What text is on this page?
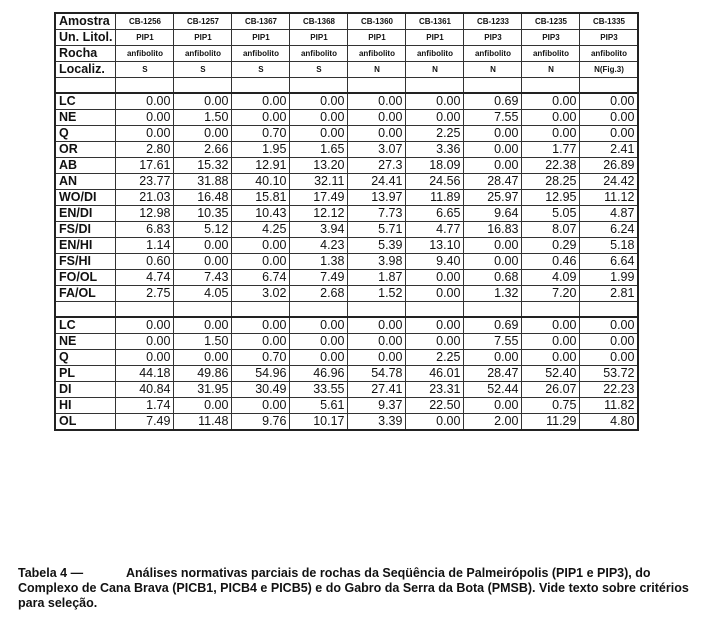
Amostra	CB-1256	CB-1257	CB-1367	CB-1368	CB-1360	CB-1361	CB-1233	CB-1235	CB-1335
Un. Litol.	PIP1	PIP1	PIP1	PIP1	PIP1	PIP1	PIP3	PIP3	PIP3
Rocha	anfibolito	anfibolito	anfibolito	anfibolito	anfibolito	anfibolito	anfibolito	anfibolito	anfibolito
Localiz.	S	S	S	S	N	N	N	N	N(Fig.3)

LC	0.00	0.00	0.00	0.00	0.00	0.00	0.69	0.00	0.00
NE	0.00	1.50	0.00	0.00	0.00	0.00	7.55	0.00	0.00
Q	0.00	0.00	0.70	0.00	0.00	2.25	0.00	0.00	0.00
OR	2.80	2.66	1.95	1.65	3.07	3.36	0.00	1.77	2.41
AB	17.61	15.32	12.91	13.20	27.3	18.09	0.00	22.38	26.89
AN	23.77	31.88	40.10	32.11	24.41	24.56	28.47	28.25	24.42
WO/DI	21.03	16.48	15.81	17.49	13.97	11.89	25.97	12.95	11.12
EN/DI	12.98	10.35	10.43	12.12	7.73	6.65	9.64	5.05	4.87
FS/DI	6.83	5.12	4.25	3.94	5.71	4.77	16.83	8.07	6.24
EN/HI	1.14	0.00	0.00	4.23	5.39	13.10	0.00	0.29	5.18
FS/HI	0.60	0.00	0.00	1.38	3.98	9.40	0.00	0.46	6.64
FO/OL	4.74	7.43	6.74	7.49	1.87	0.00	0.68	4.09	1.99
FA/OL	2.75	4.05	3.02	2.68	1.52	0.00	1.32	7.20	2.81

LC	0.00	0.00	0.00	0.00	0.00	0.00	0.69	0.00	0.00
NE	0.00	1.50	0.00	0.00	0.00	0.00	7.55	0.00	0.00
Q	0.00	0.00	0.70	0.00	0.00	2.25	0.00	0.00	0.00
PL	44.18	49.86	54.96	46.96	54.78	46.01	28.47	52.40	53.72
DI	40.84	31.95	30.49	33.55	27.41	23.31	52.44	26.07	22.23
HI	1.74	0.00	0.00	5.61	9.37	22.50	0.00	0.75	11.82
OL	7.49	11.48	9.76	10.17	3.39	0.00	2.00	11.29	4.80
Tabela 4 —	Análises normativas parciais de rochas da Seqüência de Palmeirópolis (PIP1 e PIP3), do Complexo de Cana Brava (PICB1, PICB4 e PICB5) e do Gabro da Serra da Bota (PMSB). Vide texto sobre critérios para seleção.
